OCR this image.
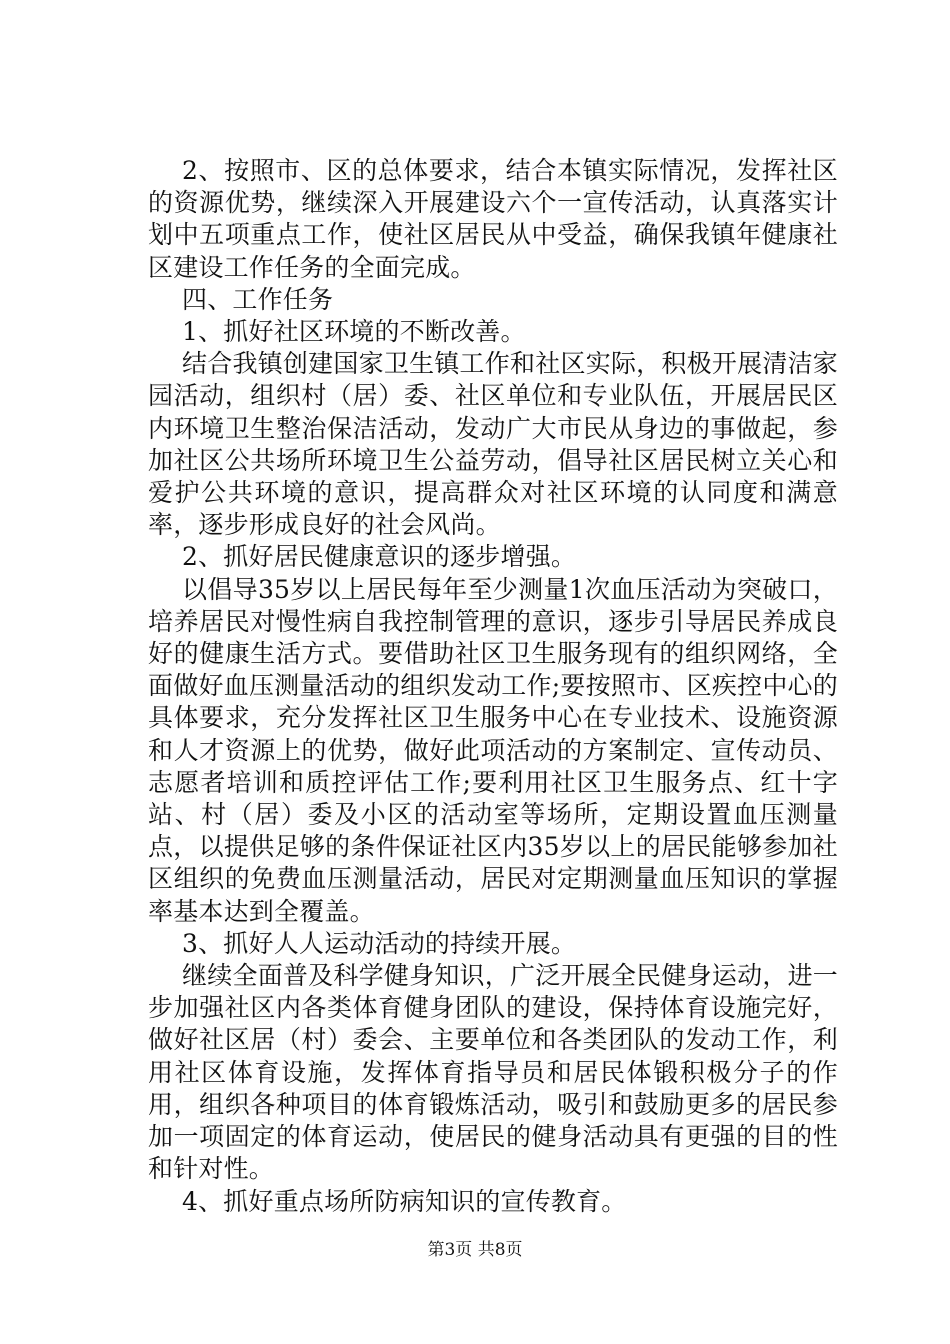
2、按照市、区的总体要求，结合本镇实际情况，发挥社区的资源优势，继续深入开展建设六个一宣传活动，认真落实计划中五项重点工作，使社区居民从中受益，确保我镇年健康社区建设工作任务的全面完成。

四、工作任务

1、抓好社区环境的不断改善。

结合我镇创建国家卫生镇工作和社区实际，积极开展清洁家园活动，组织村（居）委、社区单位和专业队伍，开展居民区内环境卫生整治保洁活动，发动广大市民从身边的事做起，参加社区公共场所环境卫生公益劳动，倡导社区居民树立关心和爱护公共环境的意识，提高群众对社区环境的认同度和满意率，逐步形成良好的社会风尚。

2、抓好居民健康意识的逐步增强。

以倡导35岁以上居民每年至少测量1次血压活动为突破口，培养居民对慢性病自我控制管理的意识，逐步引导居民养成良好的健康生活方式。要借助社区卫生服务现有的组织网络，全面做好血压测量活动的组织发动工作;要按照市、区疾控中心的具体要求，充分发挥社区卫生服务中心在专业技术、设施资源和人才资源上的优势，做好此项活动的方案制定、宣传动员、志愿者培训和质控评估工作;要利用社区卫生服务点、红十字站、村（居）委及小区的活动室等场所，定期设置血压测量点，以提供足够的条件保证社区内35岁以上的居民能够参加社区组织的免费血压测量活动，居民对定期测量血压知识的掌握率基本达到全覆盖。

3、抓好人人运动活动的持续开展。

继续全面普及科学健身知识，广泛开展全民健身运动，进一步加强社区内各类体育健身团队的建设，保持体育设施完好，做好社区居（村）委会、主要单位和各类团队的发动工作，利用社区体育设施，发挥体育指导员和居民体锻积极分子的作用，组织各种项目的体育锻炼活动，吸引和鼓励更多的居民参加一项固定的体育运动，使居民的健身活动具有更强的目的性和针对性。

4、抓好重点场所防病知识的宣传教育。

第3页 共8页
